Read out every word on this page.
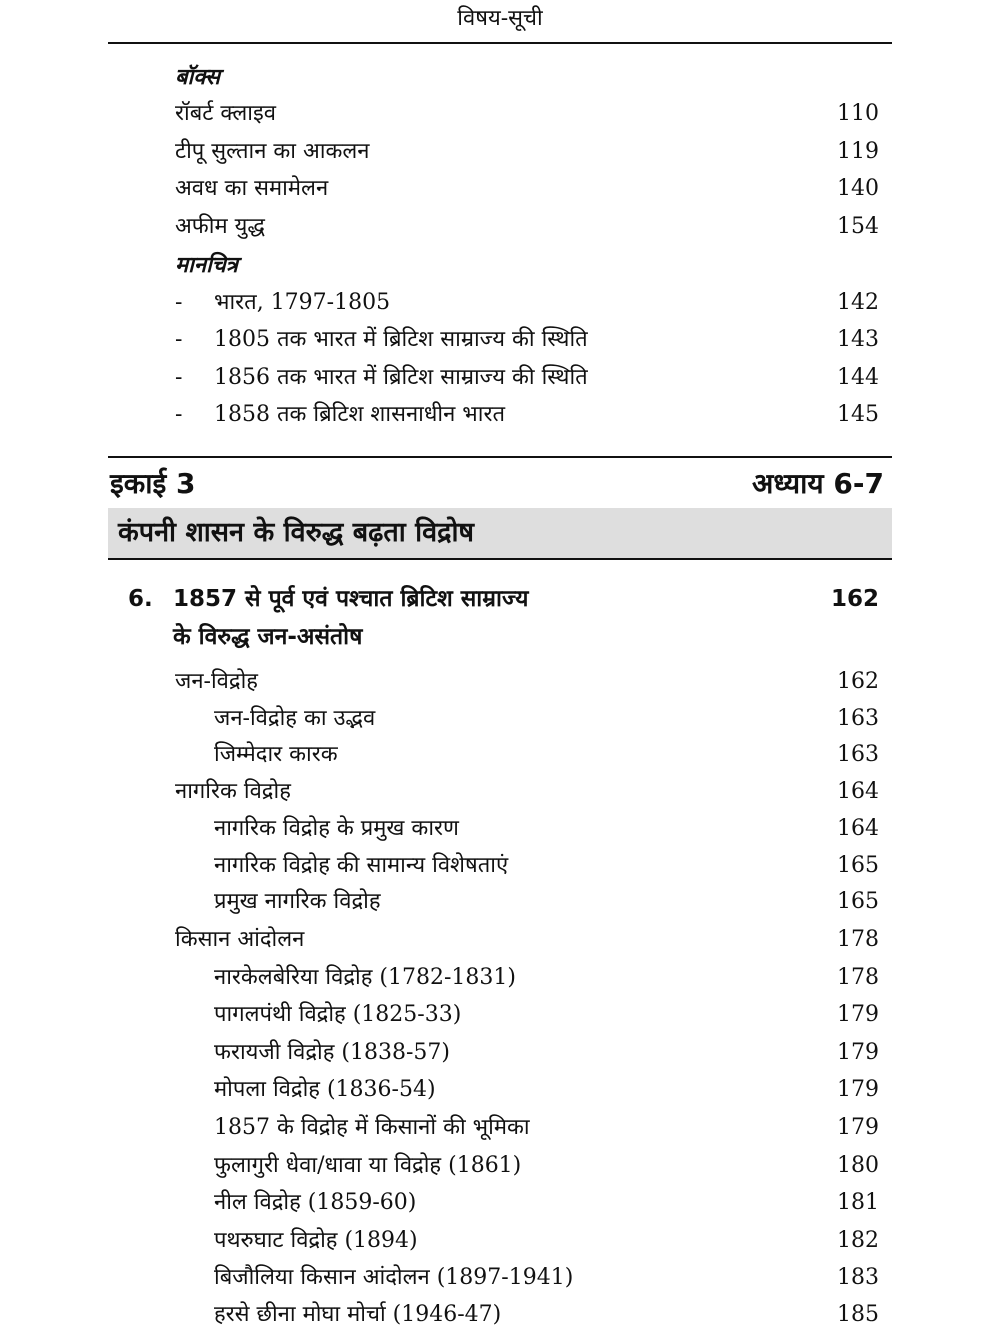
विषय-सूची
बॉक्स
रॉबर्ट क्लाइव	110
टीपू सुल्तान का आकलन	119
अवध का समामेलन	140
अफीम युद्ध	154
मानचित्र
- भारत, 1797-1805	142
- 1805 तक भारत में ब्रिटिश साम्राज्य की स्थिति	143
- 1856 तक भारत में ब्रिटिश साम्राज्य की स्थिति	144
- 1858 तक ब्रिटिश शासनाधीन भारत	145
इकाई 3	अध्याय 6-7
कंपनी शासन के विरुद्ध बढ़ता विद्रोष
6. 1857 से पूर्व एवं पश्चात ब्रिटिश साम्राज्य
के विरुद्ध जन-असंतोष
162
जन-विद्रोह	162
जन-विद्रोह का उद्भव	163
जिम्मेदार कारक	163
नागरिक विद्रोह	164
नागरिक विद्रोह के प्रमुख कारण	164
नागरिक विद्रोह की सामान्य विशेषताएं	165
प्रमुख नागरिक विद्रोह	165
किसान आंदोलन	178
नारकेलबेरिया विद्रोह (1782-1831)	178
पागलपंथी विद्रोह (1825-33)	179
फरायजी विद्रोह (1838-57)	179
मोपला विद्रोह (1836-54)	179
1857 के विद्रोह में किसानों की भूमिका	179
फुलागुरी धेवा/धावा या विद्रोह (1861)	180
नील विद्रोह (1859-60)	181
पथरुघाट विद्रोह (1894)	182
बिजौलिया किसान आंदोलन (1897-1941)	183
हरसे छीना मोघा मोर्चा (1946-47)	185
